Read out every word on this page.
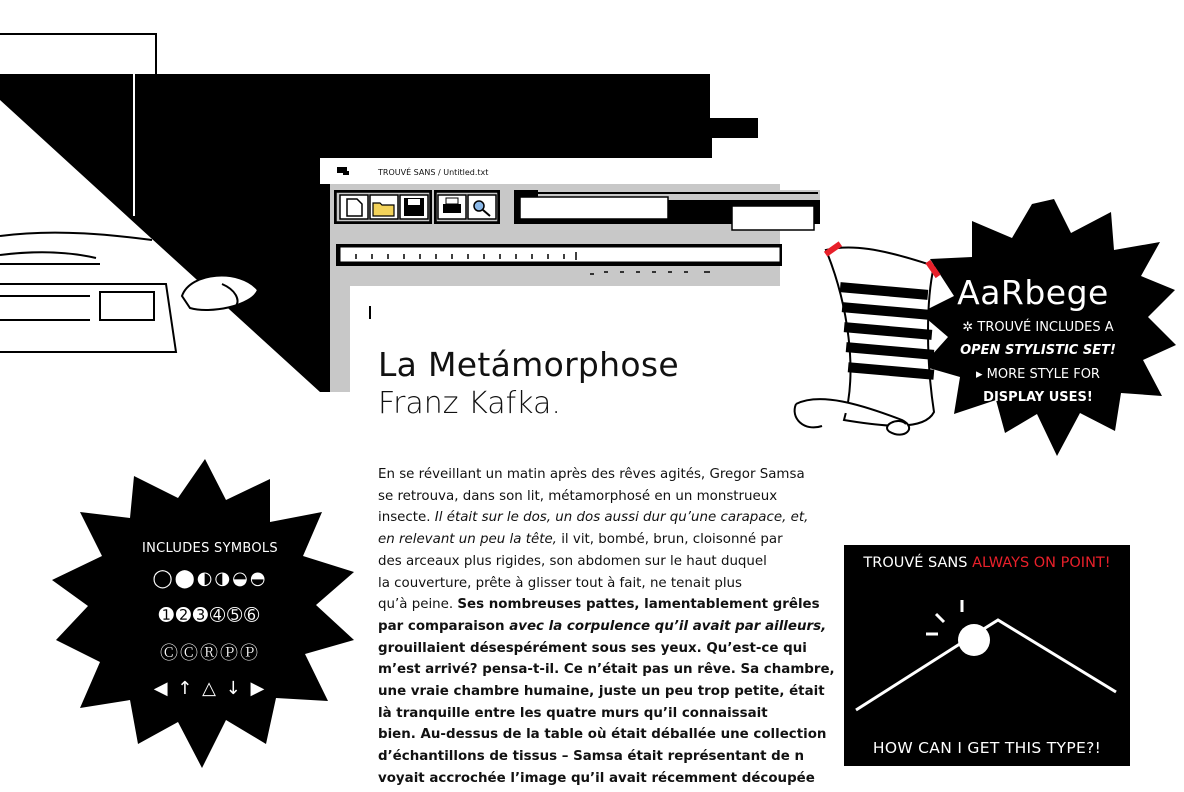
TROUVÉ SANS / Untitled.txt
La Metámorphose
Franz Kafka.
En se réveillant un matin après des rêves agités, Gregor Samsa
se retrouva, dans son lit, métamorphosé en un monstrueux
insecte. Il était sur le dos, un dos aussi dur qu’une carapace, et,
en relevant un peu la tête, il vit, bombé, brun, cloisonné par
des arceaux plus rigides, son abdomen sur le haut duquel
la couverture, prête à glisser tout à fait, ne tenait plus
qu’à peine. Ses nombreuses pattes, lamentablement grêles
par comparaison avec la corpulence qu’il avait par ailleurs,
grouillaient désespérément sous ses yeux. Qu’est-ce qui
m’est arrivé? pensa-t-il. Ce n’était pas un rêve. Sa chambre,
une vraie chambre humaine, juste un peu trop petite, était
là tranquille entre les quatre murs qu’il connaissait
bien. Au-dessus de la table où était déballée une collection
d’échantillons de tissus – Samsa était représentant de n
voyait accrochée l’image qu’il avait récemment découpée
AaRbege
✲ TROUVÉ INCLUDES A
OPEN STYLISTIC SET!
▸ MORE STYLE FOR
DISPLAY USES!
INCLUDES SYMBOLS
◯⬤◐◑◒◓
➊➋➌➃➄➅
ⒸⒸⓇⓅⓅ
◀ ↑ △ ↓ ▶
TROUVÉ SANS ALWAYS ON POINT!
HOW CAN I GET THIS TYPE?!
